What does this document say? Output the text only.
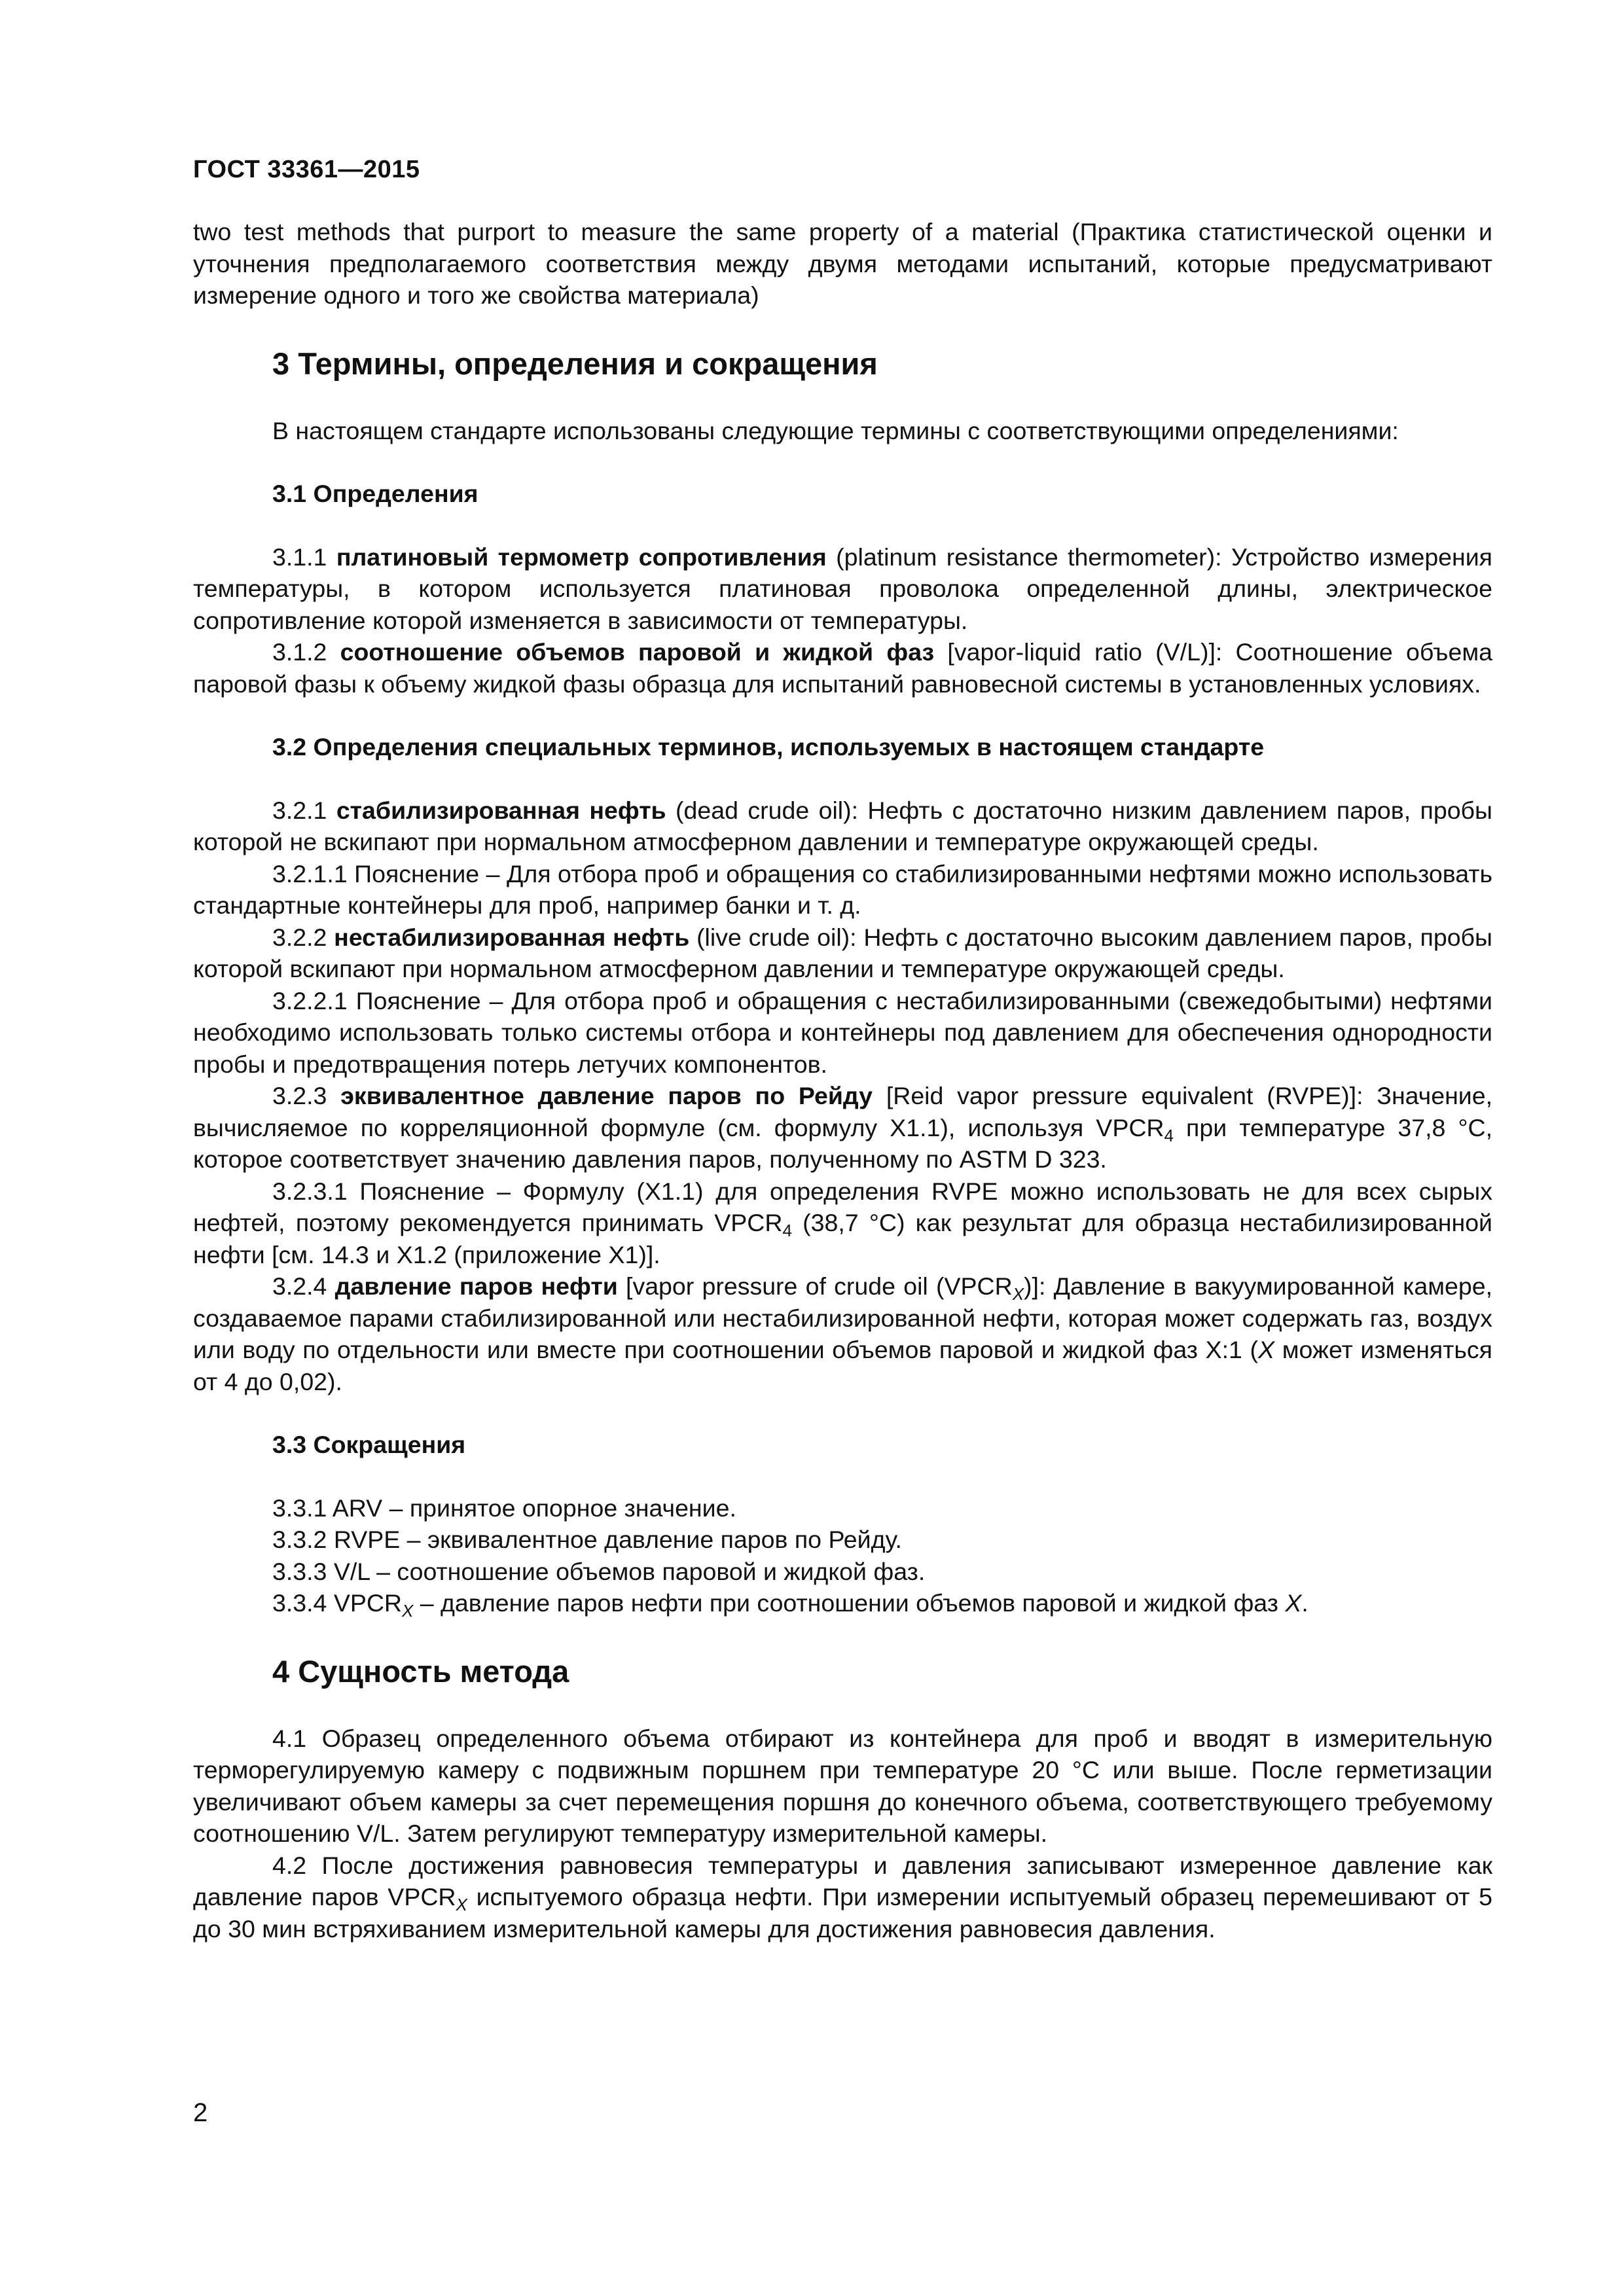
ГОСТ 33361—2015

two test methods that purport to measure the same property of a material (Практика статистической оценки и уточнения предполагаемого соответствия между двумя методами испытаний, которые предусматривают измерение одного и того же свойства материала)

3 Термины, определения и сокращения

В настоящем стандарте использованы следующие термины с соответствующими определениями:

3.1 Определения

3.1.1 платиновый термометр сопротивления (platinum resistance thermometer): Устройство измерения температуры, в котором используется платиновая проволока определенной длины, электрическое сопротивление которой изменяется в зависимости от температуры.

3.1.2 соотношение объемов паровой и жидкой фаз [vapor-liquid ratio (V/L)]: Соотношение объема паровой фазы к объему жидкой фазы образца для испытаний равновесной системы в установленных условиях.

3.2 Определения специальных терминов, используемых в настоящем стандарте

3.2.1 стабилизированная нефть (dead crude oil): Нефть с достаточно низким давлением паров, пробы которой не вскипают при нормальном атмосферном давлении и температуре окружающей среды.

3.2.1.1 Пояснение – Для отбора проб и обращения со стабилизированными нефтями можно использовать стандартные контейнеры для проб, например банки и т. д.

3.2.2 нестабилизированная нефть (live crude oil): Нефть с достаточно высоким давлением паров, пробы которой вскипают при нормальном атмосферном давлении и температуре окружающей среды.

3.2.2.1 Пояснение – Для отбора проб и обращения с нестабилизированными (свежедобытыми) нефтями необходимо использовать только системы отбора и контейнеры под давлением для обеспечения однородности пробы и предотвращения потерь летучих компонентов.

3.2.3 эквивалентное давление паров по Рейду [Reid vapor pressure equivalent (RVPE)]: Значение, вычисляемое по корреляционной формуле (см. формулу X1.1), используя $VPCR_4$ при температуре 37,8 °С, которое соответствует значению давления паров, полученному по ASTM D 323.

3.2.3.1 Пояснение – Формулу (X1.1) для определения RVPE можно использовать не для всех сырых нефтей, поэтому рекомендуется принимать $VPCR_4$ (38,7 °С) как результат для образца нестабилизированной нефти [см. 14.3 и X1.2 (приложение X1)].

3.2.4 давление паров нефти [vapor pressure of crude oil $(VPCR_X)$]: Давление в вакуумированной камере, создаваемое парами стабилизированной или нестабилизированной нефти, которая может содержать газ, воздух или воду по отдельности или вместе при соотношении объемов паровой и жидкой фаз X:1 (X может изменяться от 4 до 0,02).

3.3 Сокращения

3.3.1 ARV – принятое опорное значение.

3.3.2 RVPE – эквивалентное давление паров по Рейду.

3.3.3 V/L – соотношение объемов паровой и жидкой фаз.

3.3.4 $VPCR_X$ – давление паров нефти при соотношении объемов паровой и жидкой фаз X.

4 Сущность метода

4.1 Образец определенного объема отбирают из контейнера для проб и вводят в измерительную терморегулируемую камеру с подвижным поршнем при температуре 20 °С или выше. После герметизации увеличивают объем камеры за счет перемещения поршня до конечного объема, соответствующего требуемому соотношению V/L. Затем регулируют температуру измерительной камеры.

4.2 После достижения равновесия температуры и давления записывают измеренное давление как давление паров $VPCR_X$ испытуемого образца нефти. При измерении испытуемый образец перемешивают от 5 до 30 мин встряхиванием измерительной камеры для достижения равновесия давления.

2
